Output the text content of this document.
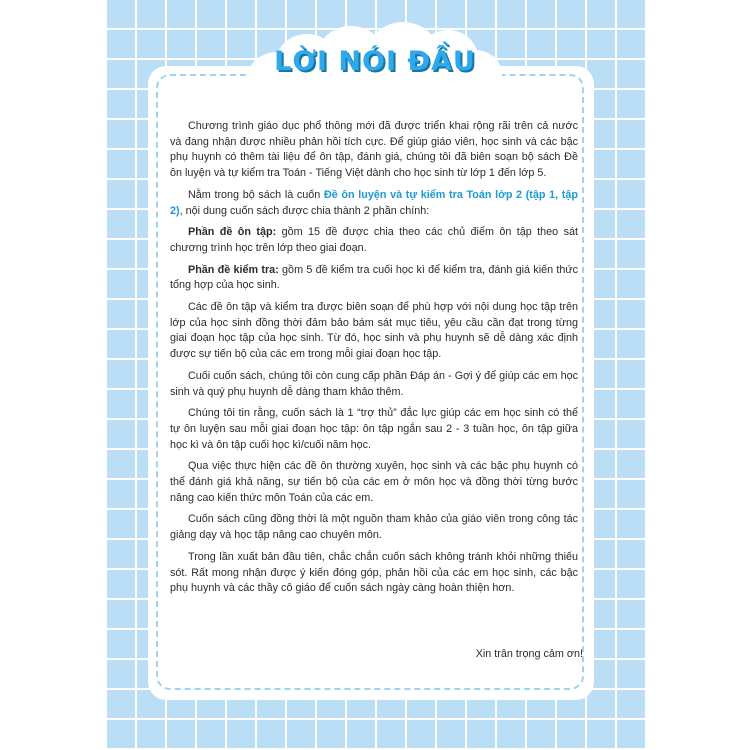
LỜI NÓI ĐẦU

Chương trình giáo dục phổ thông mới đã được triển khai rộng rãi trên cả nước và đang nhận được nhiều phản hồi tích cực. Để giúp giáo viên, học sinh và các bậc phụ huynh có thêm tài liệu để ôn tập, đánh giá, chúng tôi đã biên soạn bộ sách Đề ôn luyện và tự kiểm tra Toán - Tiếng Việt dành cho học sinh từ lớp 1 đến lớp 5.

Nằm trong bộ sách là cuốn Đề ôn luyện và tự kiểm tra Toán lớp 2 (tập 1, tập 2), nội dung cuốn sách được chia thành 2 phần chính:

Phần đề ôn tập: gồm 15 đề được chia theo các chủ điểm ôn tập theo sát chương trình học trên lớp theo giai đoạn.

Phần đề kiểm tra: gồm 5 đề kiểm tra cuối học kì để kiểm tra, đánh giá kiến thức tổng hợp của học sinh.

Các đề ôn tập và kiểm tra được biên soạn để phù hợp với nội dung học tập trên lớp của học sinh đồng thời đảm bảo bám sát mục tiêu, yêu cầu cần đạt trong từng giai đoạn học tập của học sinh. Từ đó, học sinh và phụ huynh sẽ dễ dàng xác định được sự tiến bộ của các em trong mỗi giai đoạn học tập.

Cuối cuốn sách, chúng tôi còn cung cấp phần Đáp án - Gợi ý để giúp các em học sinh và quý phụ huynh dễ dàng tham khảo thêm.

Chúng tôi tin rằng, cuốn sách là 1 “trợ thủ” đắc lực giúp các em học sinh có thể tự ôn luyện sau mỗi giai đoạn học tập: ôn tập ngắn sau 2 - 3 tuần học, ôn tập giữa học kì và ôn tập cuối học kì/cuối năm học.

Qua việc thực hiện các đề ôn thường xuyên, học sinh và các bậc phụ huynh có thể đánh giá khả năng, sự tiến bộ của các em ở môn học và đồng thời từng bước nâng cao kiến thức môn Toán của các em.

Cuốn sách cũng đồng thời là một nguồn tham khảo của giáo viên trong công tác giảng dạy và học tập nâng cao chuyên môn.

Trong lần xuất bản đầu tiên, chắc chắn cuốn sách không tránh khỏi những thiếu sót. Rất mong nhận được ý kiến đóng góp, phản hồi của các em học sinh, các bậc phụ huynh và các thầy cô giáo để cuốn sách ngày càng hoàn thiện hơn.

Xin trân trọng cảm ơn!
